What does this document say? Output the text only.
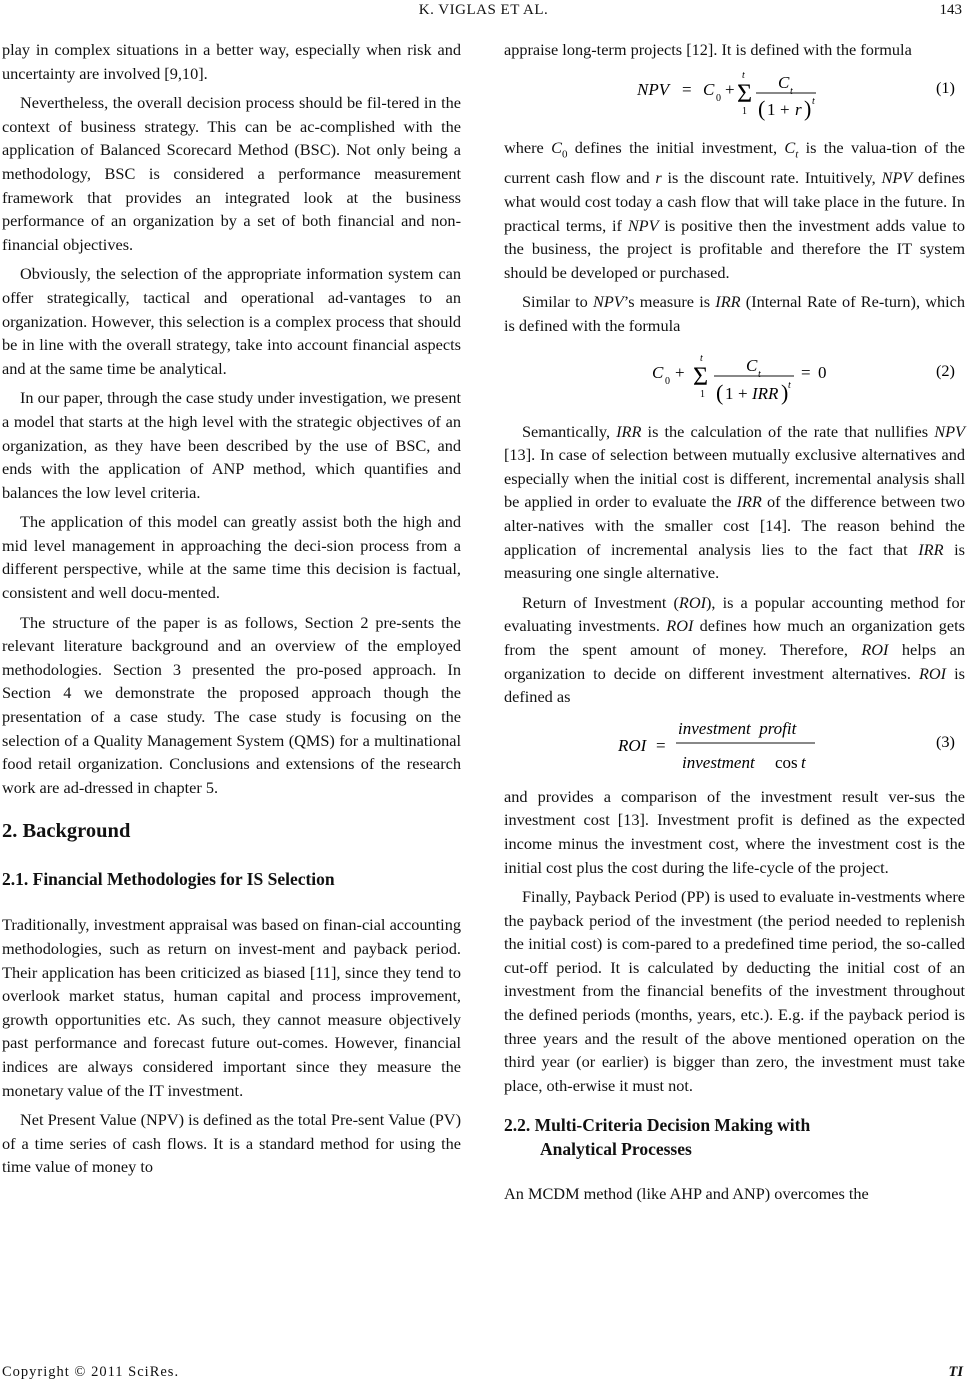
K. VIGLAS ET AL.	143

play in complex situations in a better way, especially when risk and uncertainty are involved [9,10].

Nevertheless, the overall decision process should be fil-tered in the context of business strategy. This can be ac-complished with the application of Balanced Scorecard Method (BSC). Not only being a methodology, BSC is considered a performance measurement framework that provides an integrated look at the business performance of an organization by a set of both financial and non-financial objectives.

Obviously, the selection of the appropriate information system can offer strategically, tactical and operational ad-vantages to an organization. However, this selection is a complex process that should be in line with the overall strategy, take into account financial aspects and at the same time be analytical.

In our paper, through the case study under investigation, we present a model that starts at the high level with the strategic objectives of an organization, as they have been described by the use of BSC, and ends with the application of ANP method, which quantifies and balances the low level criteria.

The application of this model can greatly assist both the high and mid level management in approaching the deci-sion process from a different perspective, while at the same time this decision is factual, consistent and well docu-mented.

The structure of the paper is as follows, Section 2 pre-sents the relevant literature background and an overview of the employed methodologies. Section 3 presented the pro-posed approach. In Section 4 we demonstrate the proposed approach though the presentation of a case study. The case study is focusing on the selection of a Quality Management System (QMS) for a multinational food retail organization. Conclusions and extensions of the research work are ad-dressed in chapter 5.

2. Background
2.1. Financial Methodologies for IS Selection

Traditionally, investment appraisal was based on finan-cial accounting methodologies, such as return on invest-ment and payback period. Their application has been criticized as biased [11], since they tend to overlook market status, human capital and process improvement, growth opportunities etc. As such, they cannot measure objectively past performance and forecast future out-comes. However, financial indices are always considered important since they measure the monetary value of the IT investment.

Net Present Value (NPV) is defined as the total Pre-sent Value (PV) of a time series of cash flows. It is a standard method for using the time value of money to

appraise long-term projects [12]. It is defined with the formula

NPV = C 0 +
t
Σ
1
C t
( 1 + r ) t
(1)

where $C_0$ defines the initial investment, $C_t$ is the valua-tion of the current cash flow and r is the discount rate. Intuitively, NPV defines what would cost today a cash flow that will take place in the future. In practical terms, if NPV is positive then the investment adds value to the business, the project is profitable and therefore the IT system should be developed or purchased.

Similar to NPV’s measure is IRR (Internal Rate of Re-turn), which is defined with the formula

C 0 +
t
Σ
1
C t
( 1 + IRR ) t
= 0	(2)

Semantically, IRR is the calculation of the rate that nullifies NPV [13]. In case of selection between mutually exclusive alternatives and especially when the initial cost is different, incremental analysis shall be applied in order to evaluate the IRR of the difference between two alter-natives with the smaller cost [14]. The reason behind the application of incremental analysis lies to the fact that IRR is measuring one single alternative.

Return of Investment (ROI), is a popular accounting method for evaluating investments. ROI defines how much an organization gets from the spent amount of money. Therefore, ROI helps an organization to decide on different investment alternatives. ROI is defined as

ROI =
investment  profit
investment cos t
(3)

and provides a comparison of the investment result ver-sus the investment cost [13]. Investment profit is defined as the expected income minus the investment cost, where the investment cost is the initial cost plus the cost during the life-cycle of the project.

Finally, Payback Period (PP) is used to evaluate in-vestments where the payback period of the investment (the period needed to replenish the initial cost) is com-pared to a predefined time period, the so-called cut-off period. It is calculated by deducting the initial cost of an investment from the financial benefits of the investment throughout the defined periods (months, years, etc.). E.g. if the payback period is three years and the result of the above mentioned operation on the third year (or earlier) is bigger than zero, the investment must take place, oth-erwise it must not.

2.2. Multi-Criteria Decision Making with
Analytical Processes

An MCDM method (like AHP and ANP) overcomes the

Copyright © 2011 SciRes.	TI
